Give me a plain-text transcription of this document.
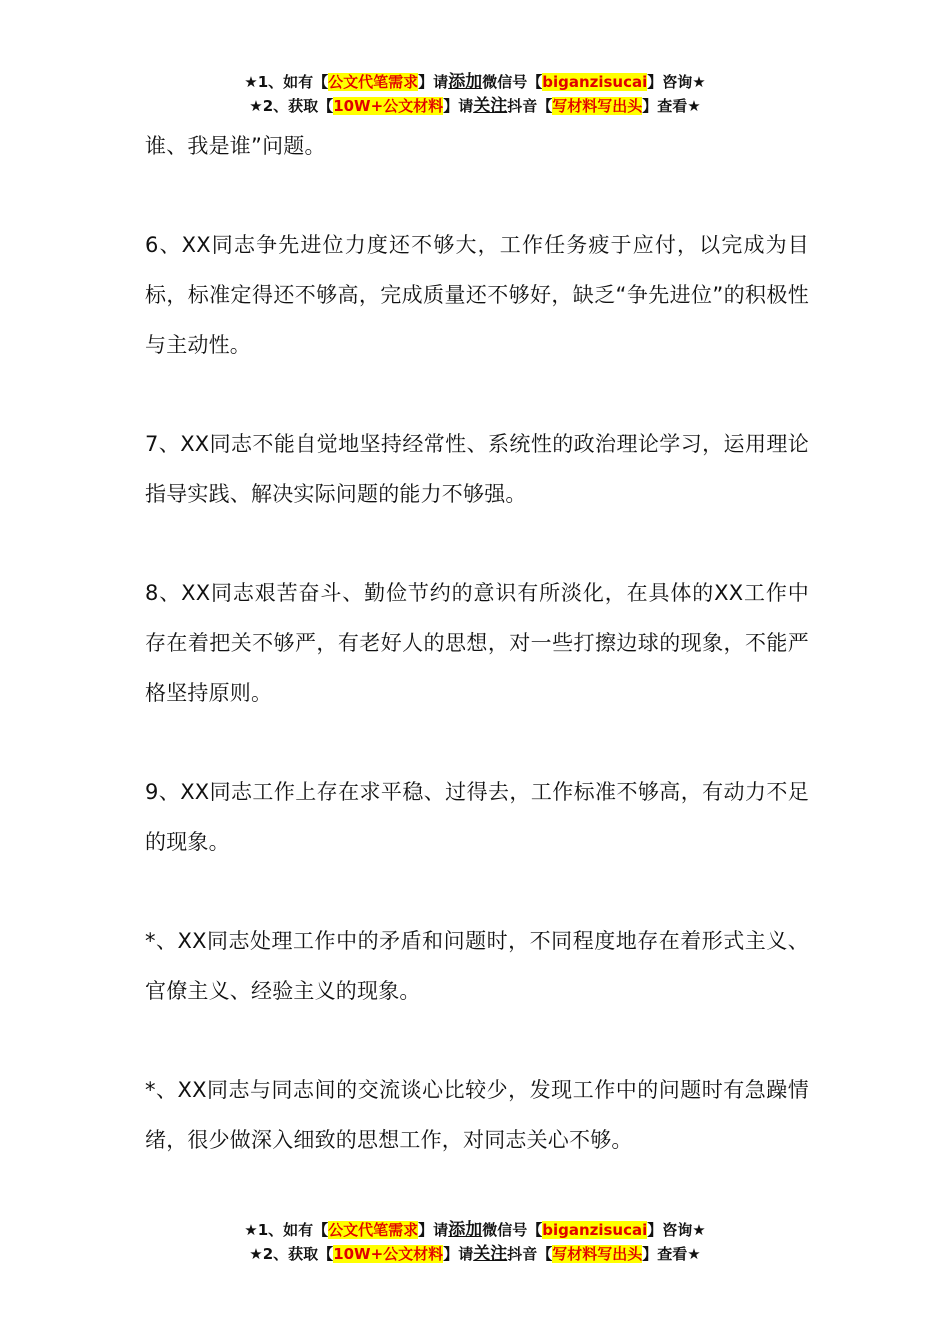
★1、如有【公文代笔需求】请添加微信号【biganzisucai】咨询★
★2、获取【10W+公文材料】请关注抖音【写材料写出头】查看★

谁、我是谁”问题。

6、XX同志争先进位力度还不够大，工作任务疲于应付，以完成为目标，标准定得还不够高，完成质量还不够好，缺乏“争先进位”的积极性与主动性。

7、XX同志不能自觉地坚持经常性、系统性的政治理论学习，运用理论指导实践、解决实际问题的能力不够强。

8、XX同志艰苦奋斗、勤俭节约的意识有所淡化，在具体的XX工作中存在着把关不够严，有老好人的思想，对一些打擦边球的现象，不能严格坚持原则。

9、XX同志工作上存在求平稳、过得去，工作标准不够高，有动力不足的现象。

*、XX同志处理工作中的矛盾和问题时，不同程度地存在着形式主义、官僚主义、经验主义的现象。

*、XX同志与同志间的交流谈心比较少，发现工作中的问题时有急躁情绪，很少做深入细致的思想工作，对同志关心不够。

★1、如有【公文代笔需求】请添加微信号【biganzisucai】咨询★
★2、获取【10W+公文材料】请关注抖音【写材料写出头】查看★
